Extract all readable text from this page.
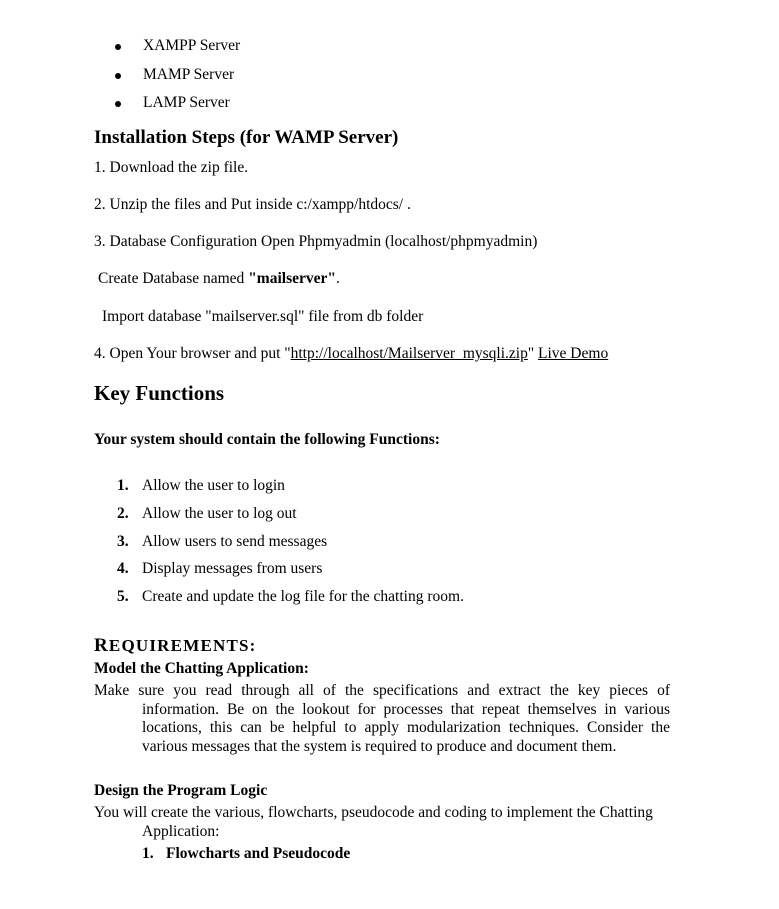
XAMPP Server
MAMP Server
LAMP Server
Installation Steps (for WAMP Server)
1. Download the zip file.
2. Unzip the files and Put inside c:/xampp/htdocs/ .
3. Database Configuration Open Phpmyadmin (localhost/phpmyadmin)
Create Database named "mailserver".
Import database "mailserver.sql" file from db folder
4. Open Your browser and put "http://localhost/Mailserver_mysqli.zip" Live Demo
Key Functions
Your system should contain the following Functions:
1. Allow the user to login
2. Allow the user to log out
3. Allow users to send messages
4. Display messages from users
5. Create and update the log file for the chatting room.
REQUIREMENTS:
Model the Chatting Application:
Make sure you read through all of the specifications and extract the key pieces of
information. Be on the lookout for processes that repeat themselves in various
locations, this can be helpful to apply modularization techniques. Consider the
various messages that the system is required to produce and document them.
Design the Program Logic
You will create the various, flowcharts, pseudocode and coding to implement the Chatting
Application:
1. Flowcharts and Pseudocode
